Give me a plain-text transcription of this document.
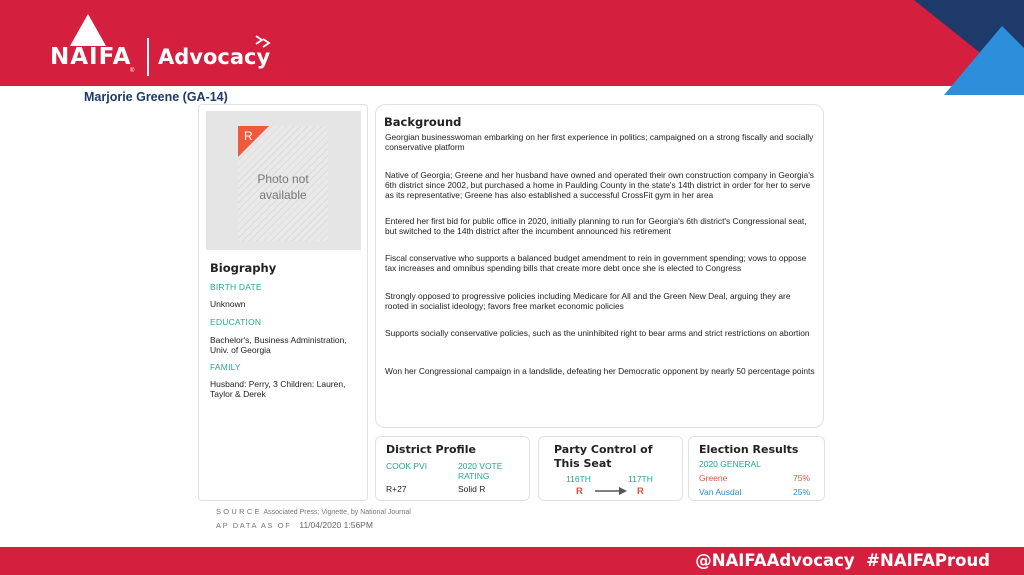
NAIFA
®
Advocacy
Marjorie Greene (GA-14)
R
Photo not available
Biography
BIRTH DATE
Unknown
EDUCATION
Bachelor's, Business Administration, Univ. of Georgia
FAMILY
Husband: Perry, 3 Children: Lauren, Taylor & Derek
Background
Georgian businesswoman embarking on her first experience in politics; campaigned on a strong fiscally and socially conservative platform
Native of Georgia; Greene and her husband have owned and operated their own construction company in Georgia's 6th district since 2002, but purchased a home in Paulding County in the state's 14th district in order for her to serve as its representative; Greene has also established a successful CrossFit gym in her area
Entered her first bid for public office in 2020, initially planning to run for Georgia's 6th district's Congressional seat, but switched to the 14th district after the incumbent announced his retirement
Fiscal conservative who supports a balanced budget amendment to rein in government spending; vows to oppose tax increases and omnibus spending bills that create more debt once she is elected to Congress
Strongly opposed to progressive policies including Medicare for All and the Green New Deal, arguing they are rooted in socialist ideology; favors free market economic policies
Supports socially conservative policies, such as the uninhibited right to bear arms and strict restrictions on abortion
Won her Congressional campaign in a landslide, defeating her Democratic opponent by nearly 50 percentage points
District Profile
COOK PVI	2020 VOTE RATING
R+27	Solid R
Party Control of This Seat
116TH	117TH
R	R
Election Results
2020 GENERAL
Greene	75%
Van Ausdal	25%
SOURCE Associated Press; Vignette, by National Journal
AP DATA AS OF 11/04/2020 1:56PM
@NAIFAAdvocacy  #NAIFAProud
